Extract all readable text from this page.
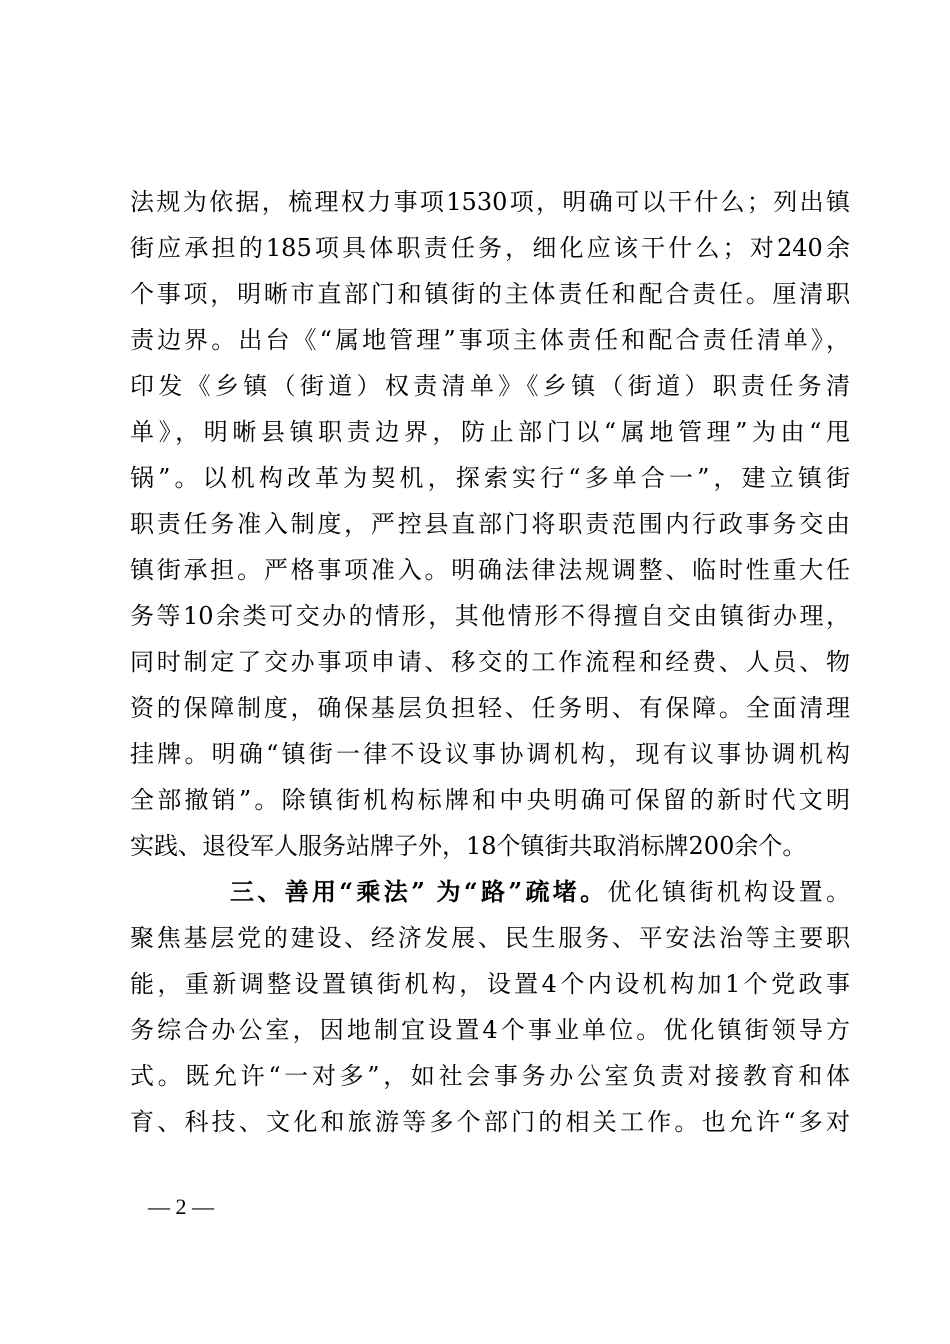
法规为依据，梳理权力事项1530项，明确可以干什么；列出镇
街应承担的185项具体职责任务，细化应该干什么；对240余
个事项，明晰市直部门和镇街的主体责任和配合责任。厘清职
责边界。出台《“属地管理”事项主体责任和配合责任清单》，
印发《乡镇（街道）权责清单》《乡镇（街道）职责任务清
单》，明晰县镇职责边界，防止部门以“属地管理”为由“甩
锅”。以机构改革为契机，探索实行“多单合一”，建立镇街
职责任务准入制度，严控县直部门将职责范围内行政事务交由
镇街承担。严格事项准入。明确法律法规调整、临时性重大任
务等10余类可交办的情形，其他情形不得擅自交由镇街办理，
同时制定了交办事项申请、移交的工作流程和经费、人员、物
资的保障制度，确保基层负担轻、任务明、有保障。全面清理
挂牌。明确“镇街一律不设议事协调机构，现有议事协调机构
全部撤销”。除镇街机构标牌和中央明确可保留的新时代文明
实践、退役军人服务站牌子外，18个镇街共取消标牌200余个。
三、善用“乘法” 为“路”疏堵。优化镇街机构设置。
聚焦基层党的建设、经济发展、民生服务、平安法治等主要职
能，重新调整设置镇街机构，设置4个内设机构加1个党政事
务综合办公室，因地制宜设置4个事业单位。优化镇街领导方
式。既允许“一对多”，如社会事务办公室负责对接教育和体
育、科技、文化和旅游等多个部门的相关工作。也允许“多对
— 2 —
